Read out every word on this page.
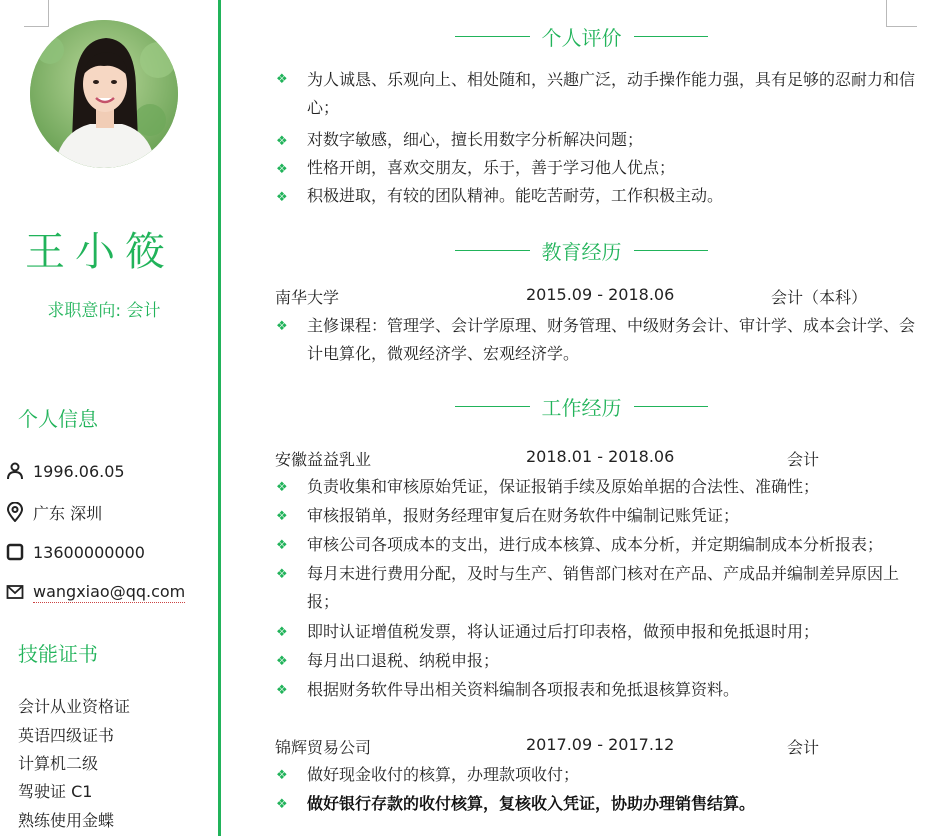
王小筱
求职意向: 会计
个人信息
1996.06.05
广东 深圳
13600000000
wangxiao@qq.com
技能证书
会计从业资格证
英语四级证书
计算机二级
驾驶证 C1
熟练使用金蝶
个人评价
❖ 为人诚恳、乐观向上、相处随和，兴趣广泛，动手操作能力强，具有足够的忍耐力和信心；
❖ 对数字敏感，细心，擅长用数字分析解决问题；
❖ 性格开朗，喜欢交朋友，乐于，善于学习他人优点；
❖ 积极进取，有较的团队精神。能吃苦耐劳，工作积极主动。
教育经历
南华大学	2015.09 - 2018.06	会计（本科）
❖ 主修课程：管理学、会计学原理、财务管理、中级财务会计、审计学、成本会计学、会计电算化，微观经济学、宏观经济学。
工作经历
安徽益益乳业	2018.01 - 2018.06	会计
❖ 负责收集和审核原始凭证，保证报销手续及原始单据的合法性、准确性；
❖ 审核报销单，报财务经理审复后在财务软件中编制记账凭证；
❖ 审核公司各项成本的支出，进行成本核算、成本分析，并定期编制成本分析报表；
❖ 每月末进行费用分配，及时与生产、销售部门核对在产品、产成品并编制差异原因上报；
❖ 即时认证增值税发票，将认证通过后打印表格，做预申报和免抵退时用；
❖ 每月出口退税、纳税申报；
❖ 根据财务软件导出相关资料编制各项报表和免抵退核算资料。
锦辉贸易公司	2017.09 - 2017.12	会计
❖ 做好现金收付的核算，办理款项收付；
❖ 做好银行存款的收付核算，复核收入凭证，协助办理销售结算。
